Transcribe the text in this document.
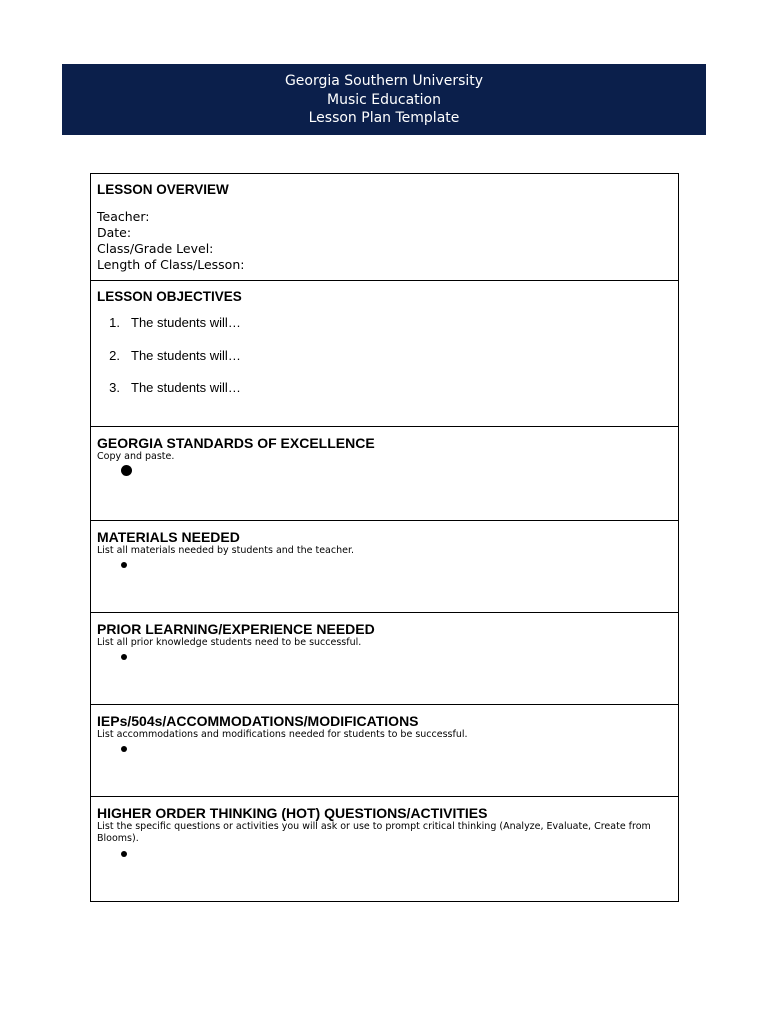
Georgia Southern University
Music Education
Lesson Plan Template
LESSON OVERVIEW
Teacher:
Date:
Class/Grade Level:
Length of Class/Lesson:
LESSON OBJECTIVES
1. The students will…
2. The students will…
3. The students will…
GEORGIA STANDARDS OF EXCELLENCE
Copy and paste.
MATERIALS NEEDED
List all materials needed by students and the teacher.
PRIOR LEARNING/EXPERIENCE NEEDED
List all prior knowledge students need to be successful.
IEPs/504s/ACCOMMODATIONS/MODIFICATIONS
List accommodations and modifications needed for students to be successful.
HIGHER ORDER THINKING (HOT) QUESTIONS/ACTIVITIES
List the specific questions or activities you will ask or use to prompt critical thinking (Analyze, Evaluate, Create from Blooms).
